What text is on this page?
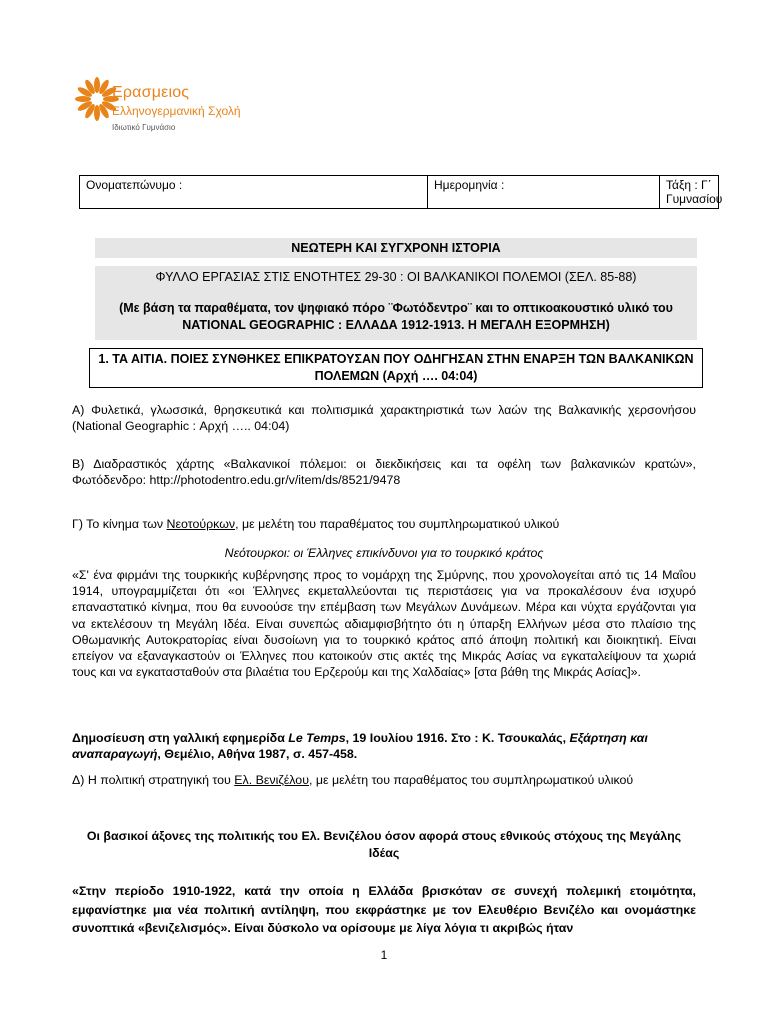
Ερασμειος
Ελληνογερμανική Σχολή
Ιδιωτικό Γυμνάσιο
Ονοματεπώνυμο :	Ημερομηνία :	Τάξη : Γ΄ Γυμνασίου
ΝΕΩΤΕΡΗ ΚΑΙ ΣΥΓΧΡΟΝΗ ΙΣΤΟΡΙΑ
ΦΥΛΛΟ ΕΡΓΑΣΙΑΣ ΣΤΙΣ ΕΝΟΤΗΤΕΣ 29-30 : ΟΙ ΒΑΛΚΑΝΙΚΟΙ ΠΟΛΕΜΟΙ (ΣΕΛ. 85-88)
(Με βάση τα παραθέματα, τον ψηφιακό πόρο ¨Φωτόδεντρο¨ και το οπτικοακουστικό υλικό του NATIONAL GEOGRAPHIC : ΕΛΛΑΔΑ 1912-1913. Η ΜΕΓΑΛΗ ΕΞΟΡΜΗΣΗ)
1. ΤΑ ΑΙΤΙΑ. ΠΟΙΕΣ ΣΥΝΘΗΚΕΣ ΕΠΙΚΡΑΤΟΥΣΑΝ ΠΟΥ ΟΔΗΓΗΣΑΝ ΣΤΗΝ ΕΝΑΡΞΗ ΤΩΝ ΒΑΛΚΑΝΙΚΩΝ ΠΟΛΕΜΩΝ (Αρχή …. 04:04)
Α) Φυλετικά, γλωσσικά, θρησκευτικά και πολιτισμικά χαρακτηριστικά των λαών της Βαλκανικής χερσονήσου (National Geographic : Αρχή ….. 04:04)
Β) Διαδραστικός χάρτης «Βαλκανικοί πόλεμοι: οι διεκδικήσεις και τα οφέλη των βαλκανικών κρατών», Φωτόδενδρο: http://photodentro.edu.gr/v/item/ds/8521/9478
Γ) Το κίνημα των Νεοτούρκων, με μελέτη του παραθέματος του συμπληρωματικού υλικού
Νεότουρκοι: οι Έλληνες επικίνδυνοι για το τουρκικό κράτος
«Σ' ένα φιρμάνι της τουρκικής κυβέρνησης προς το νομάρχη της Σμύρνης, που χρονολογείται από τις 14 Μαΐου 1914, υπογραμμίζεται ότι «οι Έλληνες εκμεταλλεύονται τις περιστάσεις για να προκαλέσουν ένα ισχυρό επαναστατικό κίνημα, που θα ευνοούσε την επέμβαση των Μεγάλων Δυνάμεων. Μέρα και νύχτα εργάζονται για να εκτελέσουν τη Μεγάλη Ιδέα. Είναι συνεπώς αδιαμφισβήτητο ότι η ύπαρξη Ελλήνων μέσα στο πλαίσιο της Οθωμανικής Αυτοκρατορίας είναι δυσοίωνη για το τουρκικό κράτος από άποψη πολιτική και διοικητική. Είναι επείγον να εξαναγκαστούν οι Έλληνες που κατοικούν στις ακτές της Μικράς Ασίας να εγκαταλείψουν τα χωριά τους και να εγκατασταθούν στα βιλαέτια του Ερζερούμ και της Χαλδαίας» [στα βάθη της Μικράς Ασίας]».
Δημοσίευση στη γαλλική εφημερίδα Le Temps, 19 Ιουλίου 1916. Στο : Κ. Τσουκαλάς, Εξάρτηση και αναπαραγωγή, Θεμέλιο, Αθήνα 1987, σ. 457-458.
Δ) Η πολιτική στρατηγική του Ελ. Βενιζέλου, με μελέτη του παραθέματος του συμπληρωματικού υλικού
Οι βασικοί άξονες της πολιτικής του Ελ. Βενιζέλου όσον αφορά στους εθνικούς στόχους της Μεγάλης Ιδέας
«Στην περίοδο 1910-1922, κατά την οποία η Ελλάδα βρισκόταν σε συνεχή πολεμική ετοιμότητα, εμφανίστηκε μια νέα πολιτική αντίληψη, που εκφράστηκε με τον Ελευθέριο Βενιζέλο και ονομάστηκε συνοπτικά «βενιζελισμός». Είναι δύσκολο να ορίσουμε με λίγα λόγια τι ακριβώς ήταν
1
